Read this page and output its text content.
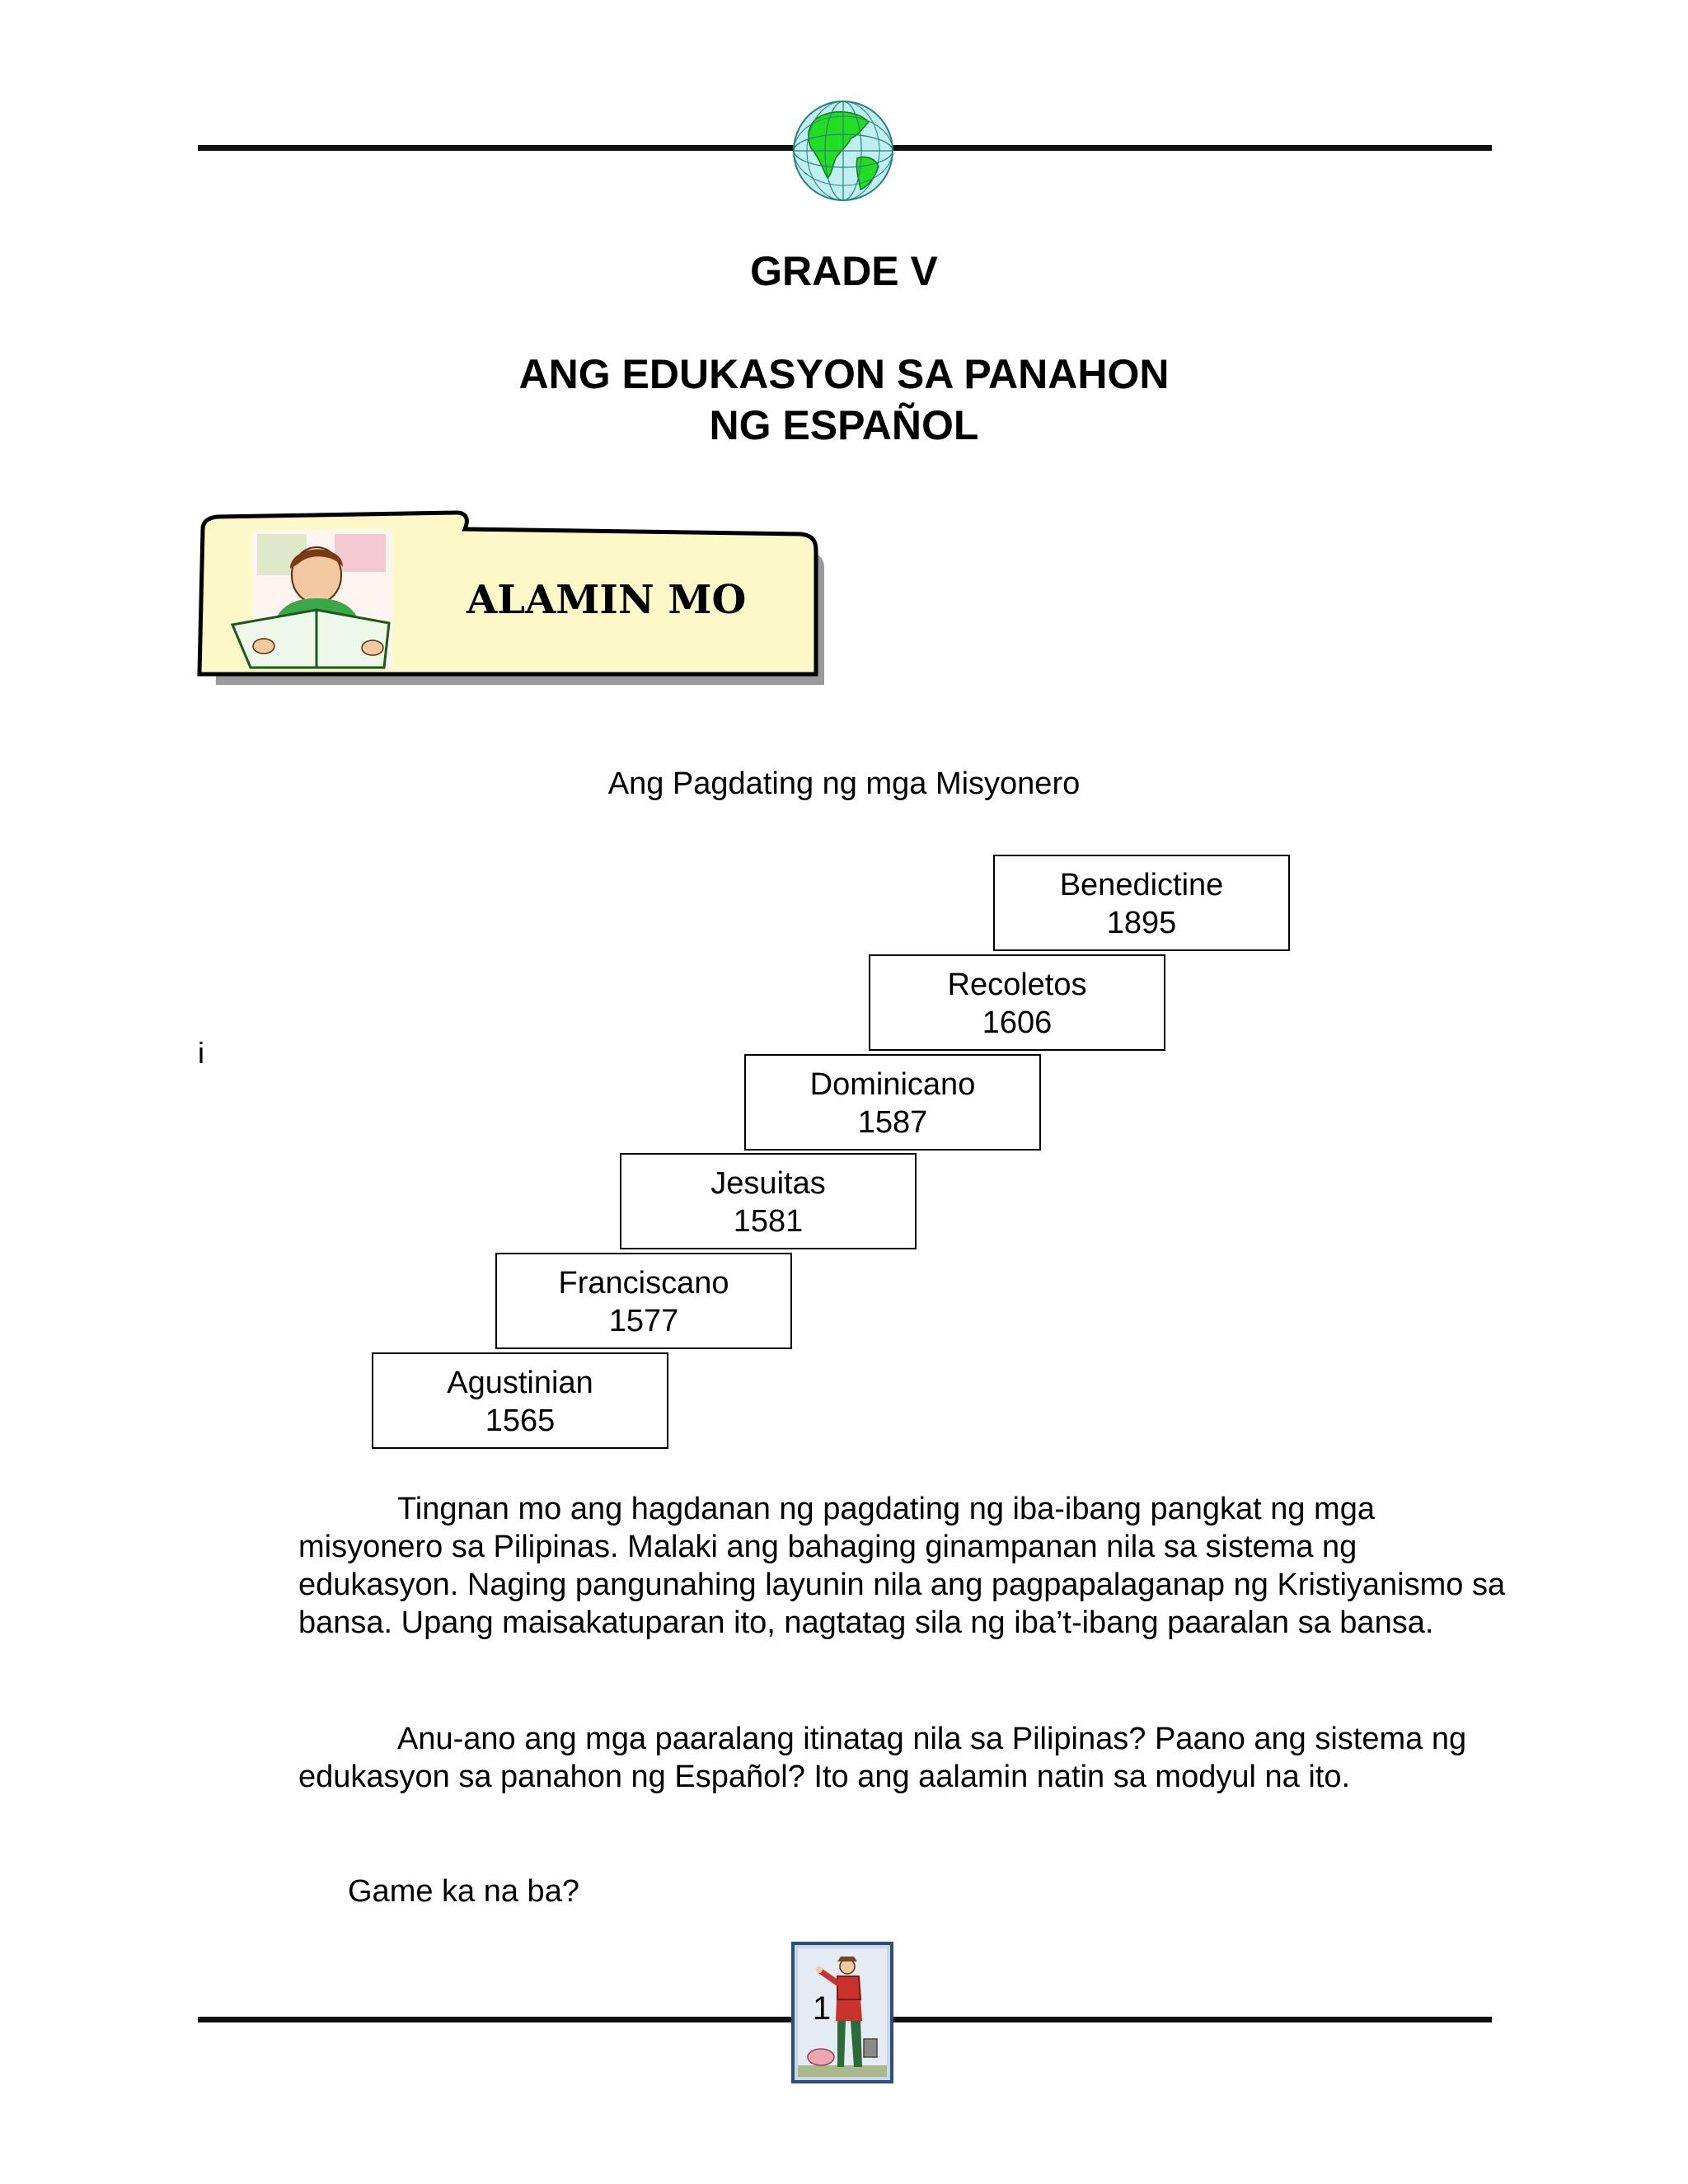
GRADE V
ANG EDUKASYON SA PANAHON
NG ESPAÑOL
ALAMIN MO
Ang Pagdating ng mga Misyonero
Agustinian
1565
Franciscano
1577
Jesuitas
1581
Dominicano
1587
Recoletos
1606
Benedictine
1895
i

Tingnan mo ang hagdanan ng pagdating ng iba-ibang pangkat ng mga misyonero sa Pilipinas. Malaki ang bahaging ginampanan nila sa sistema ng edukasyon. Naging pangunahing layunin nila ang pagpapalaganap ng Kristiyanismo sa bansa. Upang maisakatuparan ito, nagtatag sila ng iba’t-ibang paaralan sa bansa.

Anu-ano ang mga paaralang itinatag nila sa Pilipinas? Paano ang sistema ng edukasyon sa panahon ng Español? Ito ang aalamin natin sa modyul na ito.

Game ka na ba?

1
